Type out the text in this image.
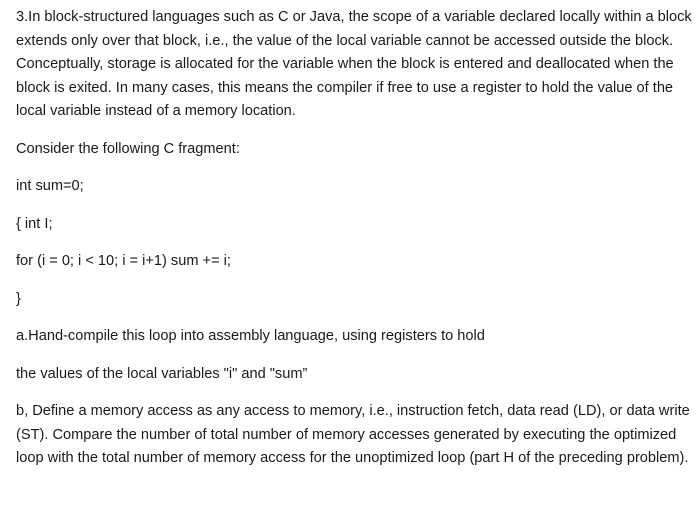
3.In block-structured languages such as C or Java, the scope of a variable declared locally within a block extends only over that block, i.e., the value of the local variable cannot be accessed outside the block. Conceptually, storage is allocated for the variable when the block is entered and deallocated when the block is exited. In many cases, this means the compiler if free to use a register to hold the value of the local variable instead of a memory location.

Consider the following C fragment:

int sum=0;

{ int I;

for (i = 0; i < 10; i = i+1) sum += i;

}

a.Hand-compile this loop into assembly language, using registers to hold

the values of the local variables "i" and "sum”

b, Define a memory access as any access to memory, i.e., instruction fetch, data read (LD), or data write (ST). Compare the number of total number of memory accesses generated by executing the optimized loop with the total number of memory access for the unoptimized loop (part H of the preceding problem).
